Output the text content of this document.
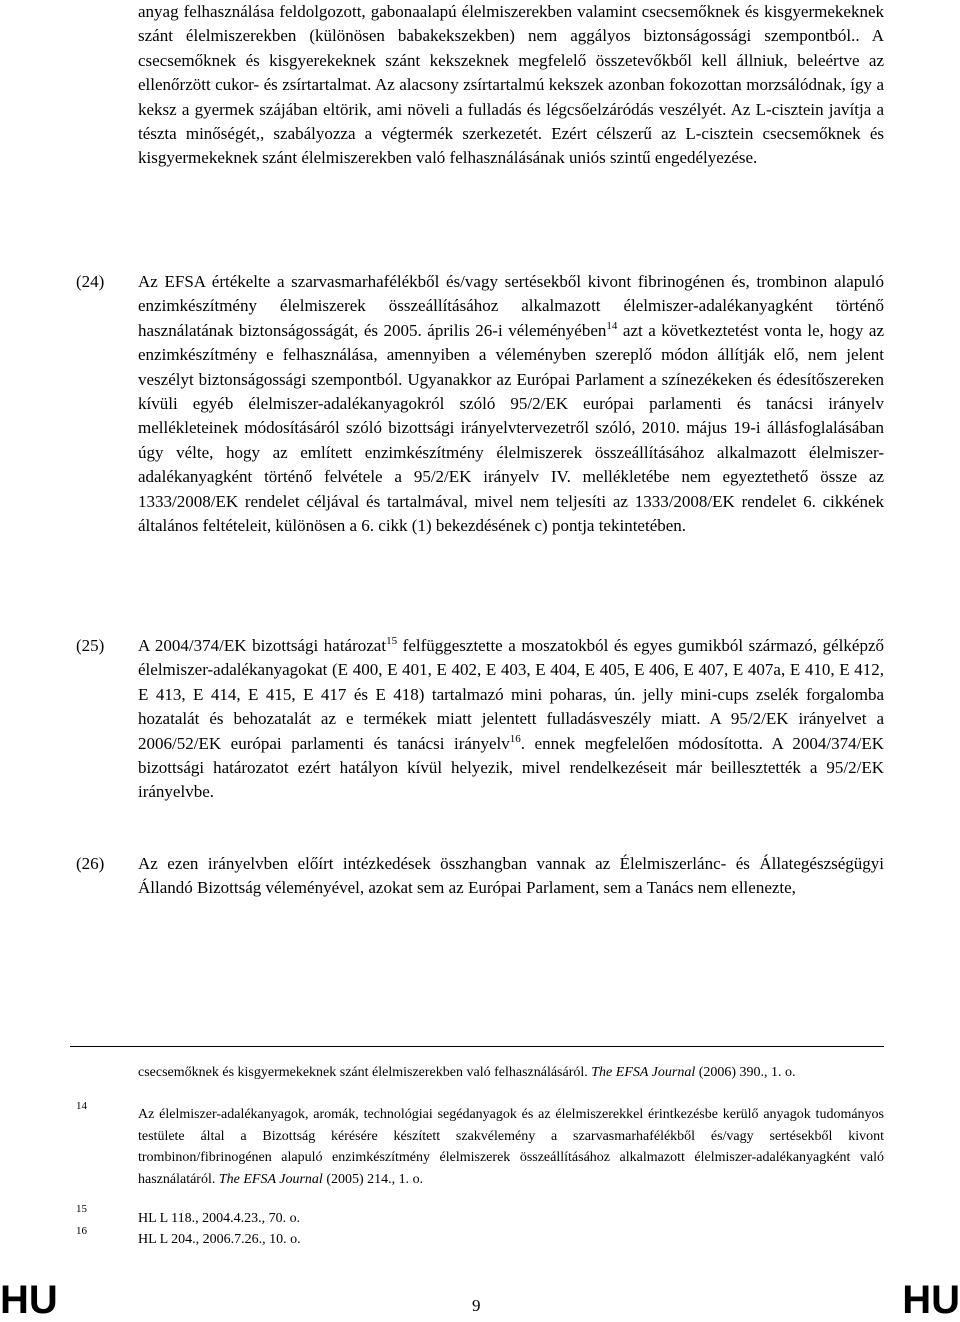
anyag felhasználása feldolgozott, gabonaalapú élelmiszerekben valamint csecsemőknek és kisgyermekeknek szánt élelmiszerekben (különösen babakekszekben) nem aggályos biztonságossági szempontból.. A csecsemőknek és kisgyerekeknek szánt kekszeknek megfelelő összetevőkből kell állniuk, beleértve az ellenőrzött cukor- és zsírtartalmat. Az alacsony zsírtartalmú kekszek azonban fokozottan morzsálódnak, így a keksz a gyermek szájában eltörik, ami növeli a fulladás és légcsőelzáródás veszélyét. Az L-cisztein javítja a tészta minőségét,, szabályozza a végtermék szerkezetét. Ezért célszerű az L-cisztein csecsemőknek és kisgyermekeknek szánt élelmiszerekben való felhasználásának uniós szintű engedélyezése.

(24) Az EFSA értékelte a szarvasmarhafélékből és/vagy sertésekből kivont fibrinogénen és, trombinon alapuló enzimkészítmény élelmiszerek összeállításához alkalmazott élelmiszer-adalékanyagként történő használatának biztonságosságát, és 2005. április 26-i véleményében$^{14}$ azt a következtetést vonta le, hogy az enzimkészítmény e felhasználása, amennyiben a véleményben szereplő módon állítják elő, nem jelent veszélyt biztonságossági szempontból. Ugyanakkor az Európai Parlament a színezékeken és édesítőszereken kívüli egyéb élelmiszer-adalékanyagokról szóló 95/2/EK európai parlamenti és tanácsi irányelv mellékleteinek módosításáról szóló bizottsági irányelvtervezetről szóló, 2010. május 19-i állásfoglalásában úgy vélte, hogy az említett enzimkészítmény élelmiszerek összeállításához alkalmazott élelmiszer-adalékanyagként történő felvétele a 95/2/EK irányelv IV. mellékletébe nem egyeztethető össze az 1333/2008/EK rendelet céljával és tartalmával, mivel nem teljesíti az 1333/2008/EK rendelet 6. cikkének általános feltételeit, különösen a 6. cikk (1) bekezdésének c) pontja tekintetében.

(25) A 2004/374/EK bizottsági határozat$^{15}$ felfüggesztette a moszatokból és egyes gumikból származó, gélképző élelmiszer-adalékanyagokat (E 400, E 401, E 402, E 403, E 404, E 405, E 406, E 407, E 407a, E 410, E 412, E 413, E 414, E 415, E 417 és E 418) tartalmazó mini poharas, ún. jelly mini-cups zselék forgalomba hozatalát és behozatalát az e termékek miatt jelentett fulladásveszély miatt. A 95/2/EK irányelvet a 2006/52/EK európai parlamenti és tanácsi irányelv$^{16}$. ennek megfelelően módosította. A 2004/374/EK bizottsági határozatot ezért hatályon kívül helyezik, mivel rendelkezéseit már beillesztették a 95/2/EK irányelvbe.

(26) Az ezen irányelvben előírt intézkedések összhangban vannak az Élelmiszerlánc- és Állategészségügyi Állandó Bizottság véleményével, azokat sem az Európai Parlament, sem a Tanács nem ellenezte,

csecsemőknek és kisgyermekeknek szánt élelmiszerekben való felhasználásáról. The EFSA Journal (2006) 390., 1. o.

14

Az élelmiszer-adalékanyagok, aromák, technológiai segédanyagok és az élelmiszerekkel érintkezésbe kerülő anyagok tudományos testülete által a Bizottság kérésére készített szakvélemény a szarvasmarhafélékből és/vagy sertésekből kivont trombinon/fibrinogénen alapuló enzimkészítmény élelmiszerek összeállításához alkalmazott élelmiszer-adalékanyagként való használatáról. The EFSA Journal (2005) 214., 1. o.

15

HL L 118., 2004.4.23., 70. o.

16

HL L 204., 2006.7.26., 10. o.

HU	9	HU
